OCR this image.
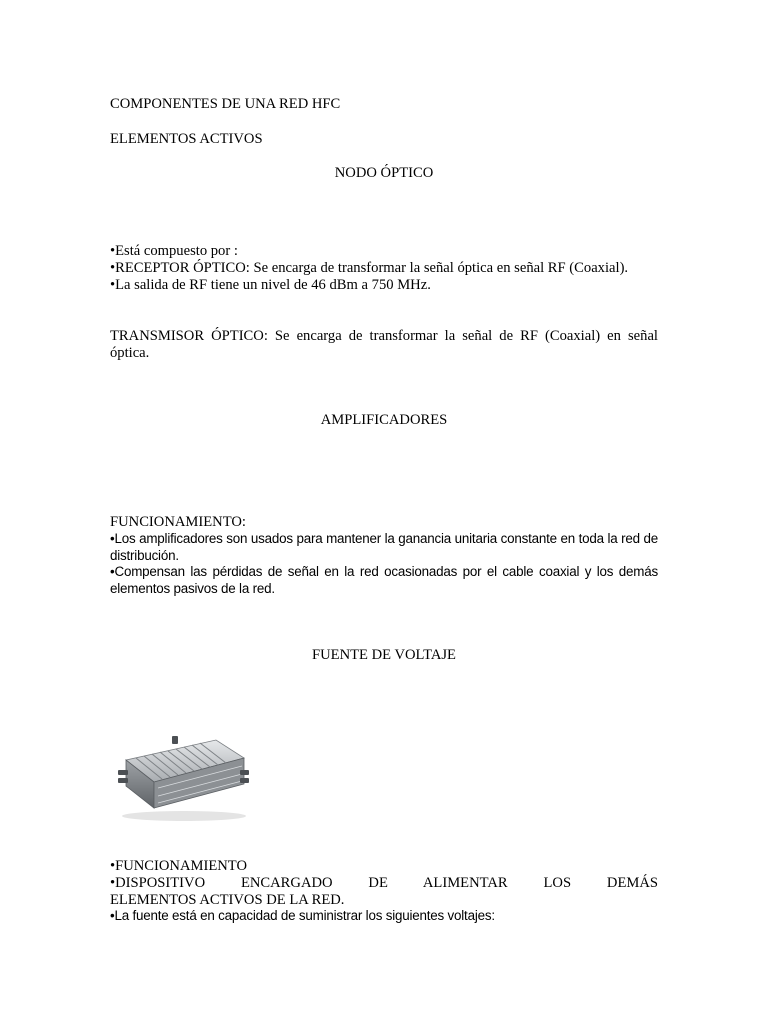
COMPONENTES DE UNA RED HFC

ELEMENTOS ACTIVOS

NODO ÓPTICO

•Está compuesto por :

•RECEPTOR ÓPTICO: Se encarga de transformar la señal óptica en señal RF (Coaxial).

•La salida de RF tiene un nivel de 46 dBm a 750 MHz.

TRANSMISOR ÓPTICO: Se encarga de transformar la señal de RF (Coaxial) en señal óptica.

AMPLIFICADORES

FUNCIONAMIENTO:

•Los amplificadores son usados para mantener la ganancia unitaria constante en toda la red de distribución.

•Compensan las pérdidas de señal en la red ocasionadas por el cable coaxial y los demás elementos pasivos de la red.

FUENTE DE VOLTAJE

•FUNCIONAMIENTO

•DISPOSITIVO ENCARGADO DE ALIMENTAR LOS DEMÁS

ELEMENTOS ACTIVOS DE LA RED.

•La fuente está en capacidad de suministrar los siguientes voltajes:
